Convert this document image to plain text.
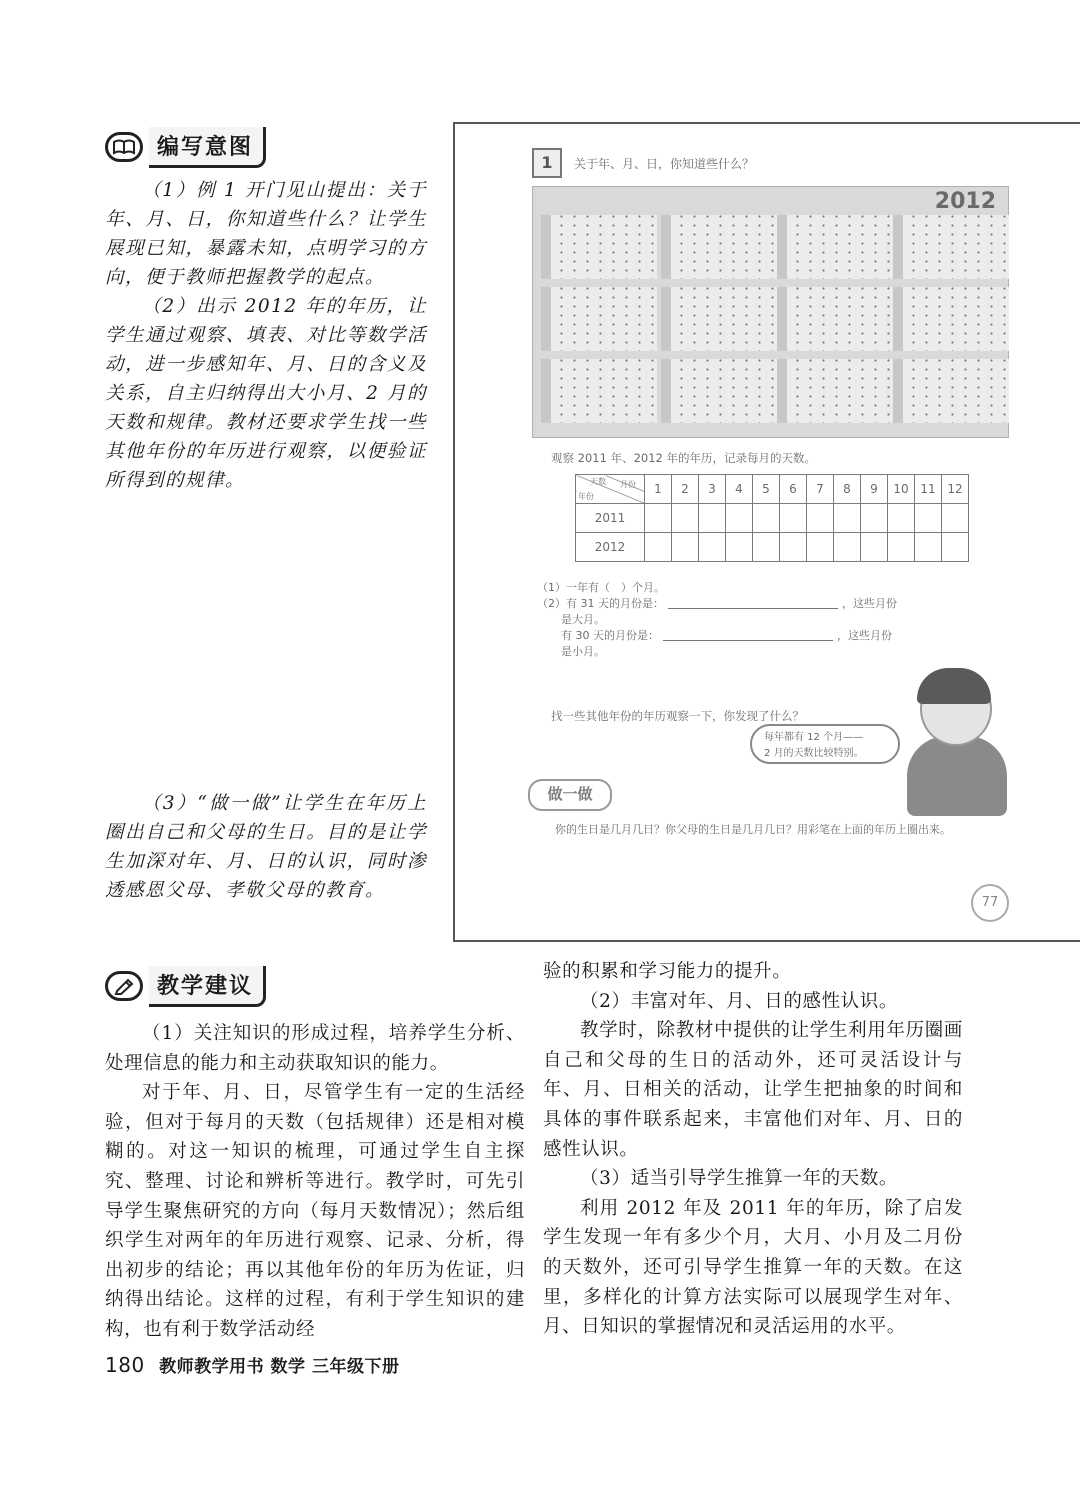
编写意图

（1）例 1 开门见山提出：关于年、月、日，你知道些什么？让学生展现已知，暴露未知，点明学习的方向，便于教师把握教学的起点。

（2）出示 2012 年的年历，让学生通过观察、填表、对比等数学活动，进一步感知年、月、日的含义及关系，自主归纳得出大小月、2 月的天数和规律。教材还要求学生找一些其他年份的年历进行观察，以便验证所得到的规律。

（3）“做一做”让学生在年历上圈出自己和父母的生日。目的是让学生加深对年、月、日的认识，同时渗透感恩父母、孝敬父母的教育。

1	关于年、月、日，你知道些什么？
2012
观察 2011 年、2012 年的年历，记录每月的天数。
天数 月份
年份	1	2	3	4	5	6	7	8	9	10	11	12
2011												
2012												
（1）一年有（　）个月。
（2）有 31 天的月份是：	，这些月份
是大月。
有 30 天的月份是：	，这些月份
是小月。
找一些其他年份的年历观察一下，你发现了什么？
每年都有 12 个月——
2 月的天数比较特别。
做一做
你的生日是几月几日？你父母的生日是几月几日？用彩笔在上面的年历上圈出来。
77
教学建议

（1）关注知识的形成过程，培养学生分析、处理信息的能力和主动获取知识的能力。

对于年、月、日，尽管学生有一定的生活经验，但对于每月的天数（包括规律）还是相对模糊的。对这一知识的梳理，可通过学生自主探究、整理、讨论和辨析等进行。教学时，可先引导学生聚焦研究的方向（每月天数情况）；然后组织学生对两年的年历进行观察、记录、分析，得出初步的结论；再以其他年份的年历为佐证，归纳得出结论。这样的过程，有利于学生知识的建构，也有利于数学活动经

验的积累和学习能力的提升。

（2）丰富对年、月、日的感性认识。

教学时，除教材中提供的让学生利用年历圈画自己和父母的生日的活动外，还可灵活设计与年、月、日相关的活动，让学生把抽象的时间和具体的事件联系起来，丰富他们对年、月、日的感性认识。

（3）适当引导学生推算一年的天数。

利用 2012 年及 2011 年的年历，除了启发学生发现一年有多少个月，大月、小月及二月份的天数外，还可引导学生推算一年的天数。在这里，多样化的计算方法实际可以展现学生对年、月、日知识的掌握情况和灵活运用的水平。

180 教师教学用书 数学 三年级下册
